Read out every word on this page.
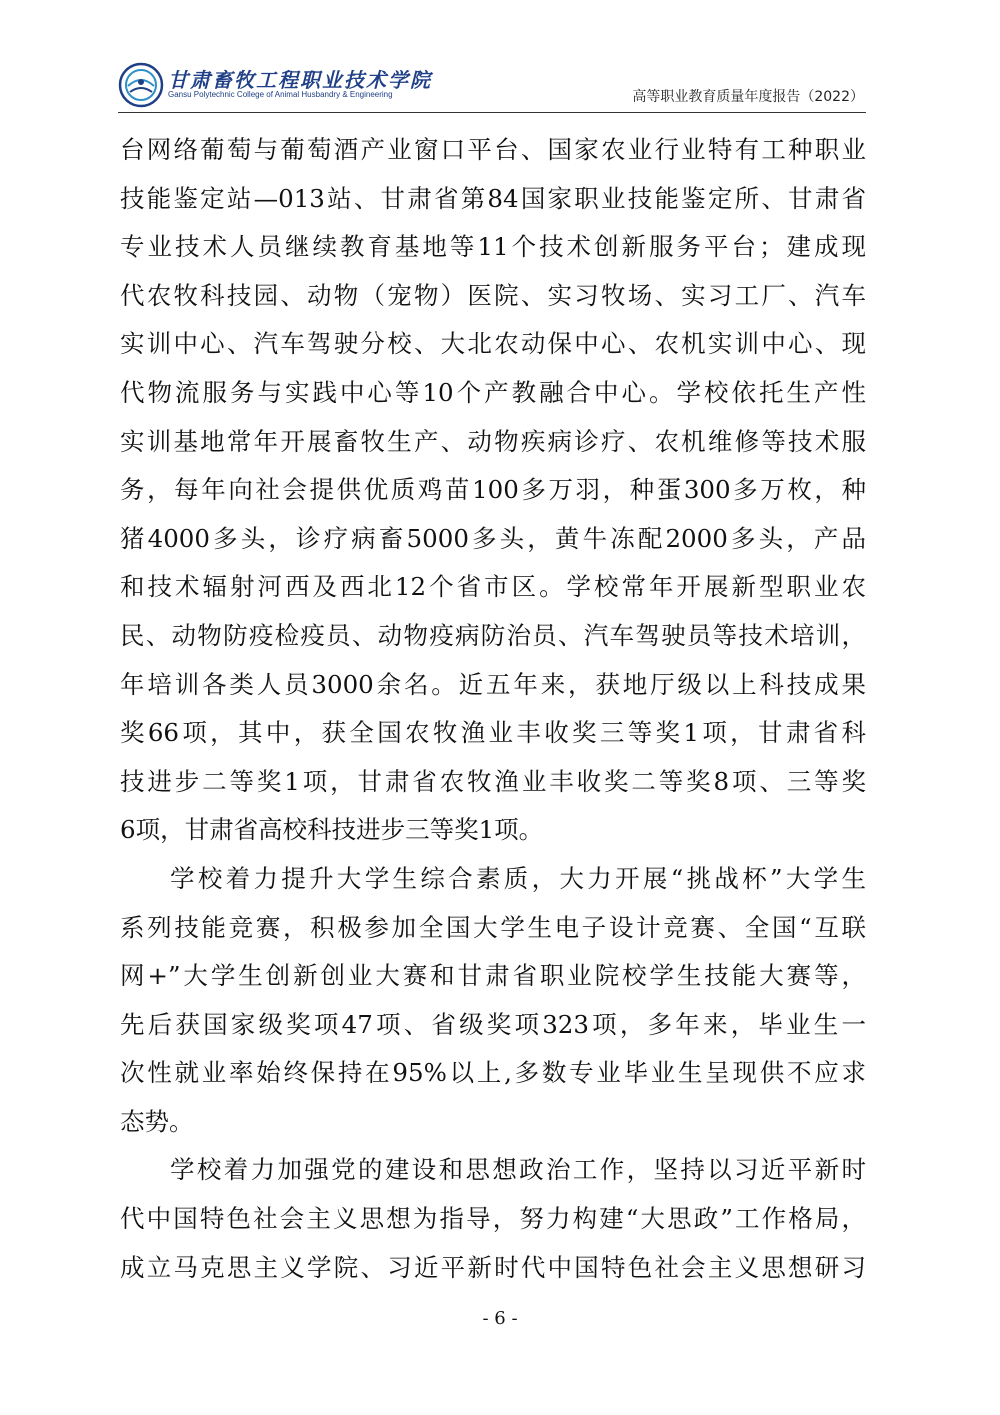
甘肃畜牧工程职业技术学院
Gansu Polytechnic College of Animal Husbandry & Engineering	高等职业教育质量年度报告（2022）
台网络葡萄与葡萄酒产业窗口平台、国家农业行业特有工种职业
技能鉴定站—013站、甘肃省第84国家职业技能鉴定所、甘肃省
专业技术人员继续教育基地等11个技术创新服务平台；建成现
代农牧科技园、动物（宠物）医院、实习牧场、实习工厂、汽车
实训中心、汽车驾驶分校、大北农动保中心、农机实训中心、现
代物流服务与实践中心等10个产教融合中心。学校依托生产性
实训基地常年开展畜牧生产、动物疾病诊疗、农机维修等技术服
务，每年向社会提供优质鸡苗100多万羽，种蛋300多万枚，种
猪4000多头，诊疗病畜5000多头，黄牛冻配2000多头，产品
和技术辐射河西及西北12个省市区。学校常年开展新型职业农
民、动物防疫检疫员、动物疫病防治员、汽车驾驶员等技术培训，
年培训各类人员3000余名。近五年来，获地厅级以上科技成果
奖66项，其中，获全国农牧渔业丰收奖三等奖1项，甘肃省科
技进步二等奖1项，甘肃省农牧渔业丰收奖二等奖8项、三等奖
6项，甘肃省高校科技进步三等奖1项。
学校着力提升大学生综合素质，大力开展“挑战杯”大学生
系列技能竞赛，积极参加全国大学生电子设计竞赛、全国“互联
网+”大学生创新创业大赛和甘肃省职业院校学生技能大赛等，
先后获国家级奖项47项、省级奖项323项，多年来，毕业生一
次性就业率始终保持在95%以上,多数专业毕业生呈现供不应求
态势。
学校着力加强党的建设和思想政治工作，坚持以习近平新时
代中国特色社会主义思想为指导，努力构建“大思政”工作格局，
成立马克思主义学院、习近平新时代中国特色社会主义思想研习
- 6 -
